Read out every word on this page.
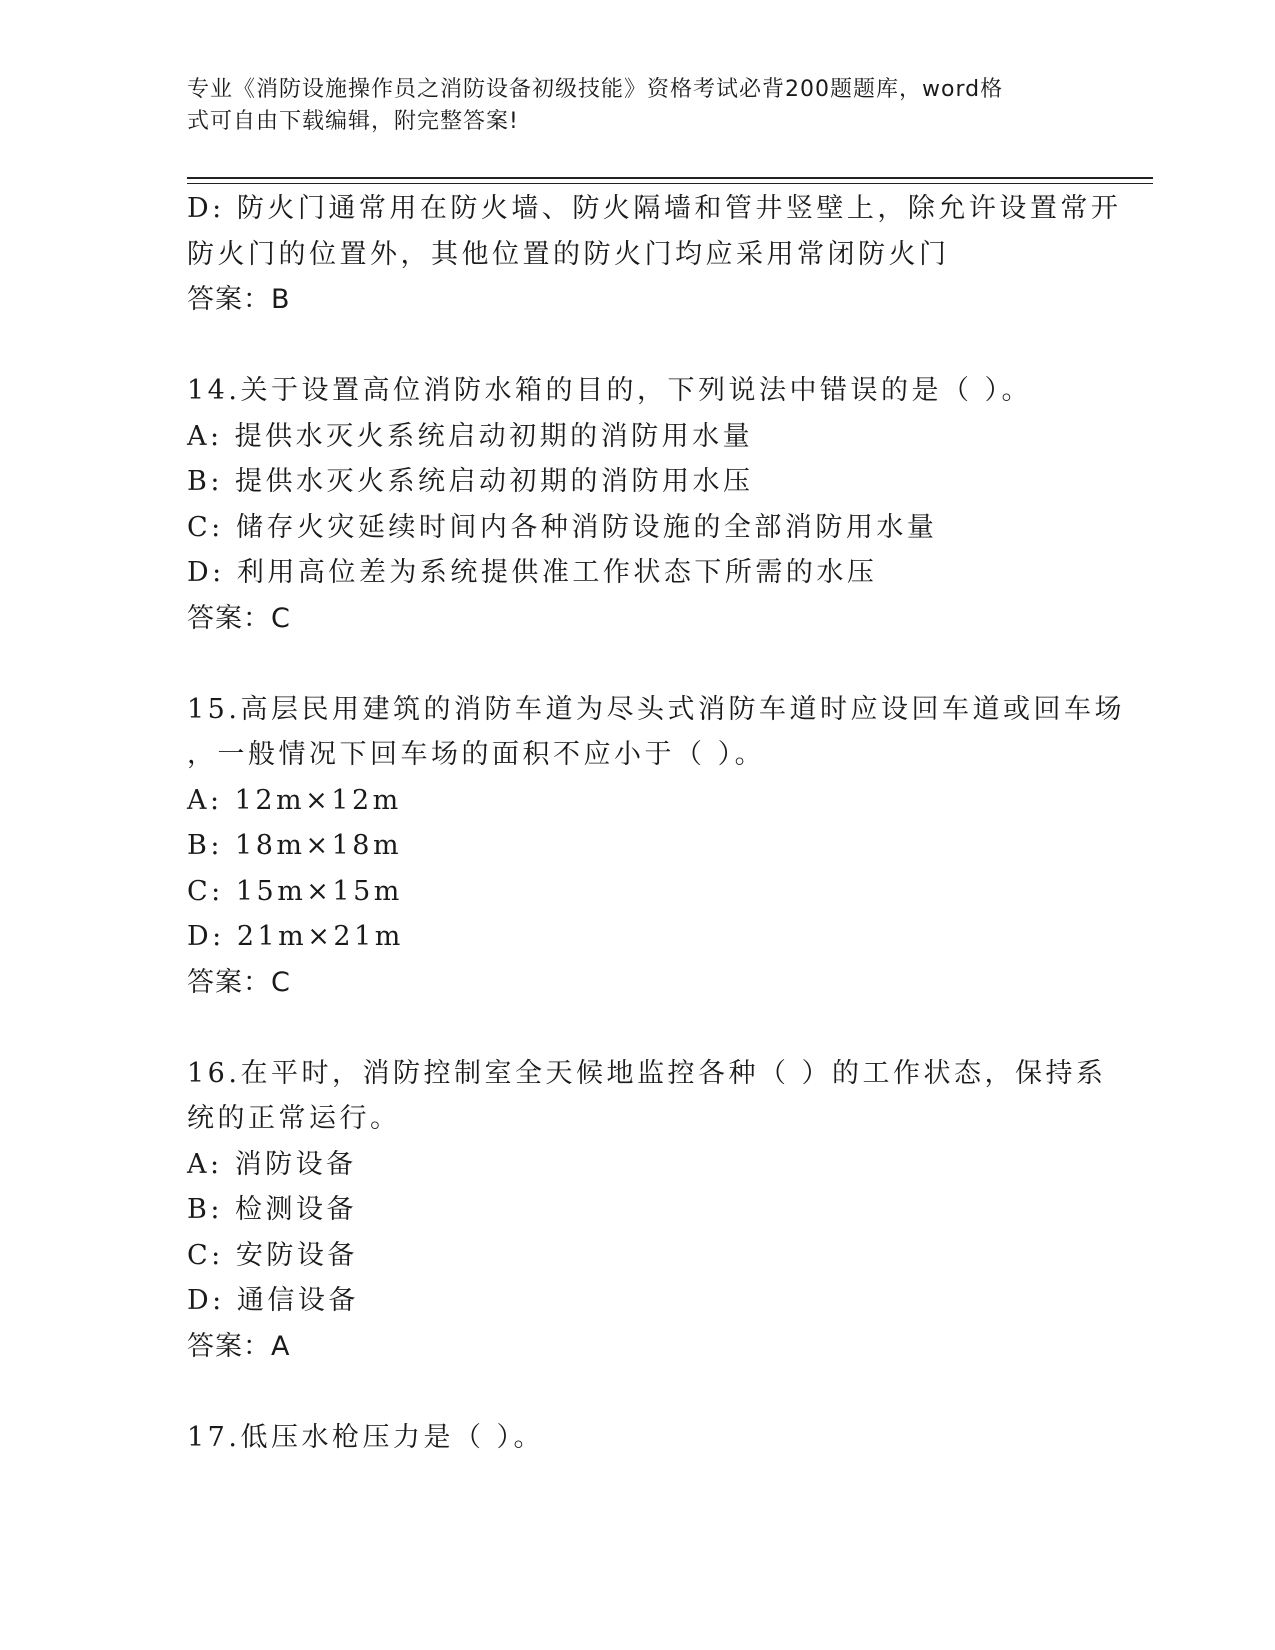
专业《消防设施操作员之消防设备初级技能》资格考试必背200题题库，word格
式可自由下载编辑，附完整答案!
D: 防火门通常用在防火墙、防火隔墙和管井竖壁上，除允许设置常开
防火门的位置外，其他位置的防火门均应采用常闭防火门
答案：B
14.关于设置高位消防水箱的目的，下列说法中错误的是（ ）。
A: 提供水灭火系统启动初期的消防用水量
B: 提供水灭火系统启动初期的消防用水压
C: 储存火灾延续时间内各种消防设施的全部消防用水量
D: 利用高位差为系统提供准工作状态下所需的水压
答案：C
15.高层民用建筑的消防车道为尽头式消防车道时应设回车道或回车场
，一般情况下回车场的面积不应小于（ ）。
A: 12m×12m
B: 18m×18m
C: 15m×15m
D: 21m×21m
答案：C
16.在平时，消防控制室全天候地监控各种（ ）的工作状态，保持系
统的正常运行。
A: 消防设备
B: 检测设备
C: 安防设备
D: 通信设备
答案：A
17.低压水枪压力是（ ）。
